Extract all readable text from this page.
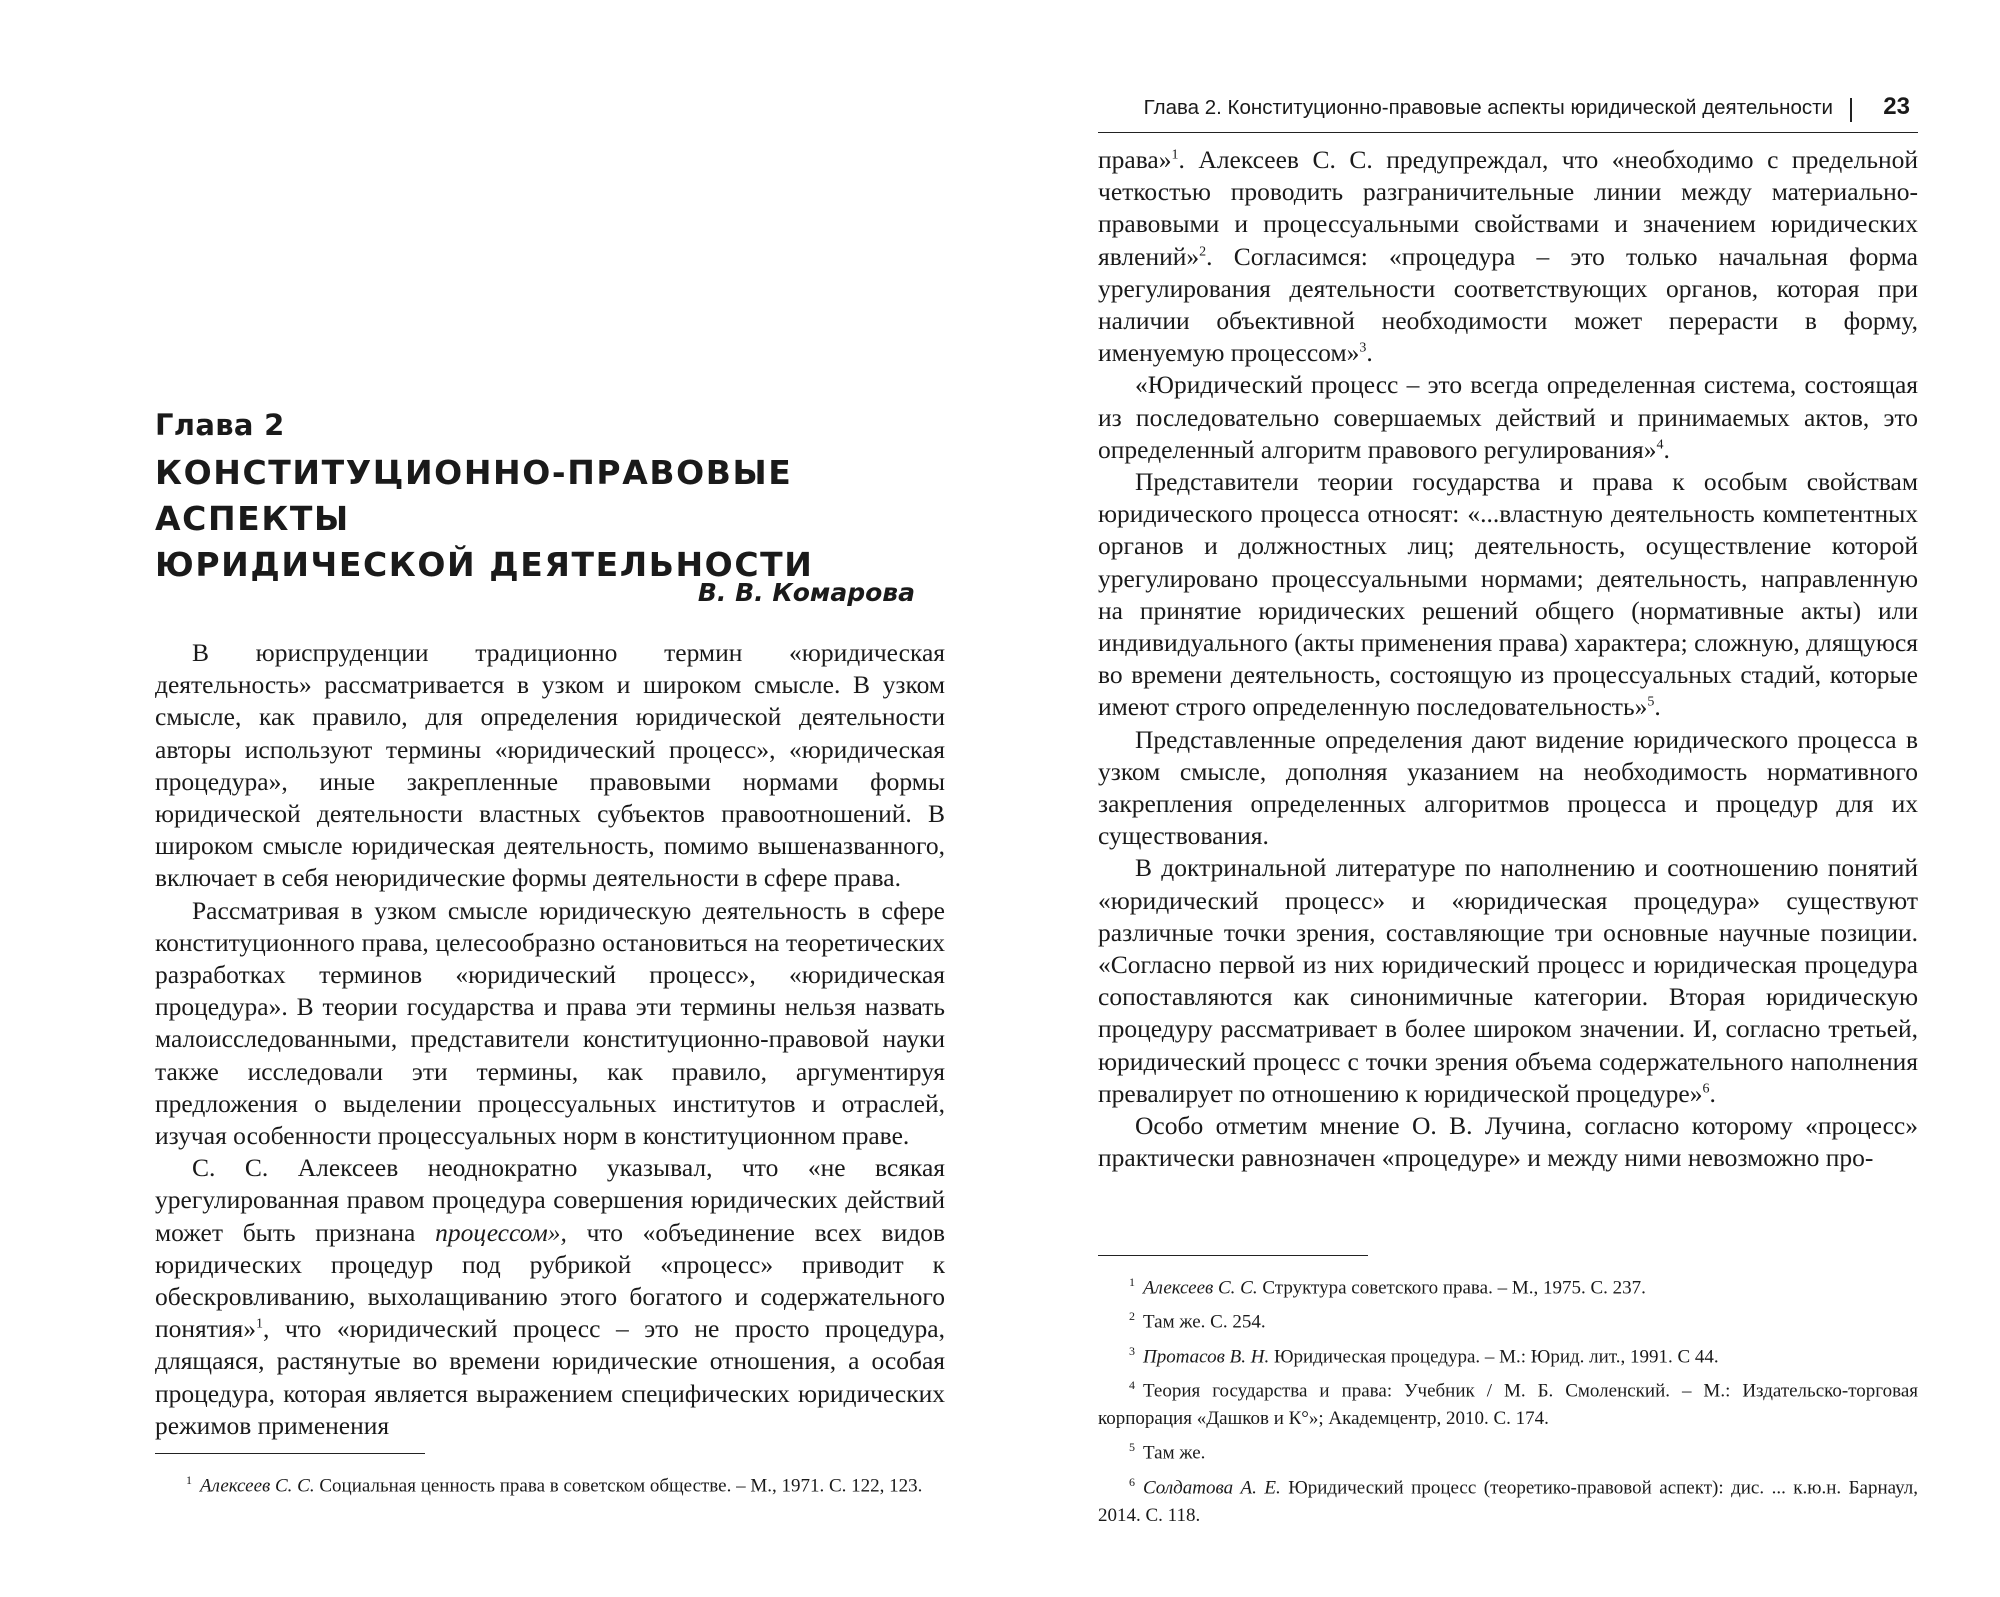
Глава 2
КОНСТИТУЦИОННО-ПРАВОВЫЕ АСПЕКТЫ
ЮРИДИЧЕСКОЙ ДЕЯТЕЛЬНОСТИ
В. В. Комарова

В юриспруденции традиционно термин «юридическая деятельность» рассматривается в узком и широком смысле. В узком смысле, как правило, для определения юридической деятельности авторы используют термины «юридический процесс», «юридическая процедура», иные закрепленные правовыми нормами формы юридической деятельности властных субъектов правоотношений. В широком смысле юридическая деятельность, помимо вышеназванного, включает в себя неюридические формы деятельности в сфере права.

Рассматривая в узком смысле юридическую деятельность в сфере конституционного права, целесообразно остановиться на теоретических разработках терминов «юридический процесс», «юридическая процедура». В теории государства и права эти термины нельзя назвать малоисследованными, представители конституционно-правовой науки также исследовали эти термины, как правило, аргументируя предложения о выделении процессуальных институтов и отраслей, изучая особенности процессуальных норм в конституционном праве.

С. С. Алексеев неоднократно указывал, что «не всякая урегулированная правом процедура совершения юридических действий может быть признана процессом», что «объединение всех видов юридических процедур под рубрикой «процесс» приводит к обескровливанию, выхолащиванию этого богатого и содержательного понятия»$^1$, что «юридический процесс – это не просто процедура, длящаяся, растянутые во времени юридические отношения, а особая процедура, которая является выражением специфических юридических режимов применения

$^1$ Алексеев С. С. Социальная ценность права в советском обществе. – М., 1971. С. 122, 123.

Глава 2. Конституционно-правовые аспекты юридической деятельности 23

права»$^1$. Алексеев С. С. предупреждал, что «необходимо с предельной четкостью проводить разграничительные линии между материально-правовыми и процессуальными свойствами и значением юридических явлений»$^2$. Согласимся: «процедура – это только начальная форма урегулирования деятельности соответствующих органов, которая при наличии объективной необходимости может перерасти в форму, именуемую процессом»$^3$.

«Юридический процесс – это всегда определенная система, состоящая из последовательно совершаемых действий и принимаемых актов, это определенный алгоритм правового регулирования»$^4$.

Представители теории государства и права к особым свойствам юридического процесса относят: «...властную деятельность компетентных органов и должностных лиц; деятельность, осуществление которой урегулировано процессуальными нормами; деятельность, направленную на принятие юридических решений общего (нормативные акты) или индивидуального (акты применения права) характера; сложную, длящуюся во времени деятельность, состоящую из процессуальных стадий, которые имеют строго определенную последовательность»$^5$.

Представленные определения дают видение юридического процесса в узком смысле, дополняя указанием на необходимость нормативного закрепления определенных алгоритмов процесса и процедур для их существования.

В доктринальной литературе по наполнению и соотношению понятий «юридический процесс» и «юридическая процедура» существуют различные точки зрения, составляющие три основные научные позиции. «Согласно первой из них юридический процесс и юридическая процедура сопоставляются как синонимичные категории. Вторая юридическую процедуру рассматривает в более широком значении. И, согласно третьей, юридический процесс с точки зрения объема содержательного наполнения превалирует по отношению к юридической процедуре»$^6$.

Особо отметим мнение О. В. Лучина, согласно которому «процесс» практически равнозначен «процедуре» и между ними невозможно про-

$^1$ Алексеев С. С. Структура советского права. – М., 1975. С. 237.

$^2$ Там же. С. 254.

$^3$ Протасов В. Н. Юридическая процедура. – М.: Юрид. лит., 1991. С 44.

$^4$ Теория государства и права: Учебник / М. Б. Смоленский. – М.: Издательско-торговая корпорация «Дашков и К°»; Академцентр, 2010. С. 174.

$^5$ Там же.

$^6$ Солдатова А. Е. Юридический процесс (теоретико-правовой аспект): дис. ... к.ю.н. Барнаул, 2014. С. 118.
